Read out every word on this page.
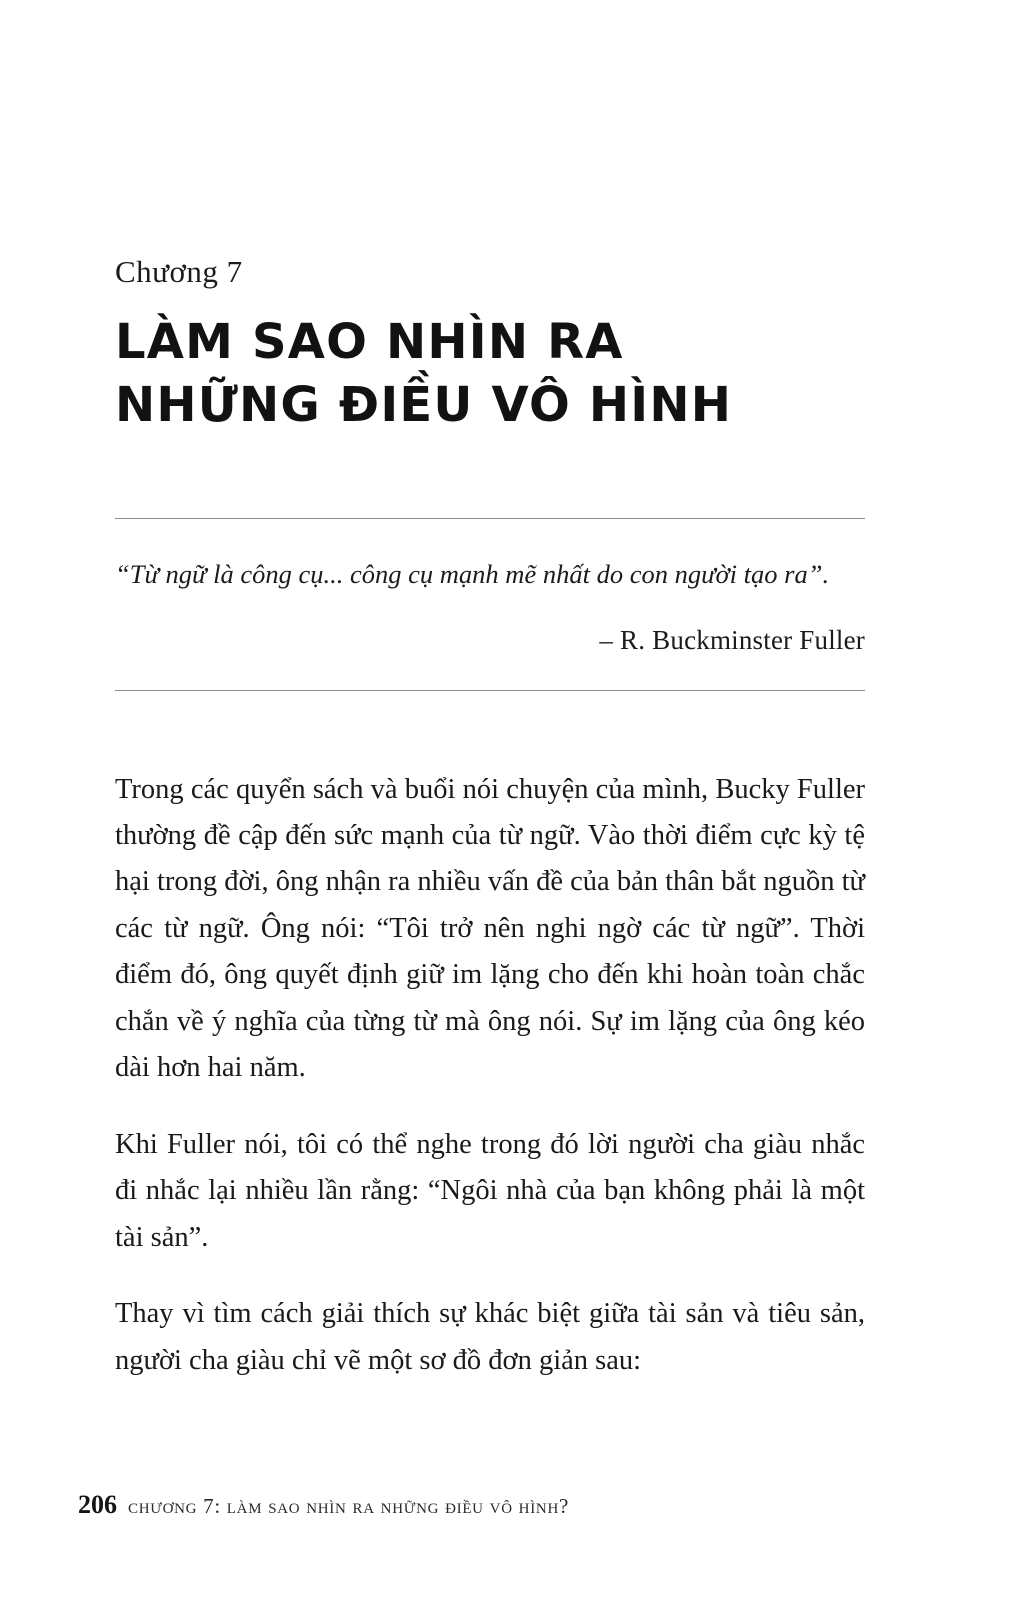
Chương 7
LÀM SAO NHÌN RA
NHỮNG ĐIỀU VÔ HÌNH
“Từ ngữ là công cụ... công cụ mạnh mẽ nhất do con người tạo ra”.
– R. Buckminster Fuller

Trong các quyển sách và buổi nói chuyện của mình, Bucky Fuller thường đề cập đến sức mạnh của từ ngữ. Vào thời điểm cực kỳ tệ hại trong đời, ông nhận ra nhiều vấn đề của bản thân bắt nguồn từ các từ ngữ. Ông nói: “Tôi trở nên nghi ngờ các từ ngữ”. Thời điểm đó, ông quyết định giữ im lặng cho đến khi hoàn toàn chắc chắn về ý nghĩa của từng từ mà ông nói. Sự im lặng của ông kéo dài hơn hai năm.

Khi Fuller nói, tôi có thể nghe trong đó lời người cha giàu nhắc đi nhắc lại nhiều lần rằng: “Ngôi nhà của bạn không phải là một tài sản”.

Thay vì tìm cách giải thích sự khác biệt giữa tài sản và tiêu sản, người cha giàu chỉ vẽ một sơ đồ đơn giản sau:

206 chương 7: làm sao nhìn ra những điều vô hình?
